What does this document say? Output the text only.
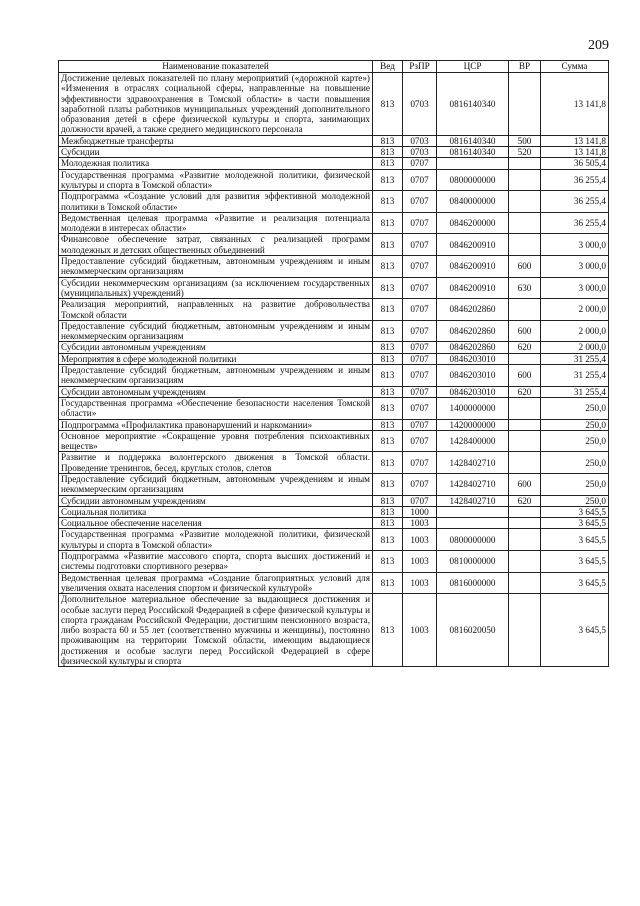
209
Наименование показателей	Вед	РзПР	ЦСР	ВР	Сумма
Достижение целевых показателей по плану мероприятий («дорожной карте») «Изменения в отраслях социальной сферы, направленные на повышение эффективности здравоохранения в Томской области» в части повышения заработной платы работников муниципальных учреждений дополнительного образования детей в сфере физической культуры и спорта, занимающих должности врачей, а также среднего медицинского персонала	813	0703	0816140340		13 141,8
Межбюджетные трансферты	813	0703	0816140340	500	13 141,8
Субсидии	813	0703	0816140340	520	13 141,8
Молодежная политика	813	0707			36 505,4
Государственная программа «Развитие молодежной политики, физической культуры и спорта в Томской области»	813	0707	0800000000		36 255,4
Подпрограмма «Создание условий для развития эффективной молодежной политики в Томской области»	813	0707	0840000000		36 255,4
Ведомственная целевая программа «Развитие и реализация потенциала молодежи в интересах области»	813	0707	0846200000		36 255,4
Финансовое обеспечение затрат, связанных с реализацией программ молодежных и детских общественных объединений	813	0707	0846200910		3 000,0
Предоставление субсидий бюджетным, автономным учреждениям и иным некоммерческим организациям	813	0707	0846200910	600	3 000,0
Субсидии некоммерческим организациям (за исключением государственных (муниципальных) учреждений)	813	0707	0846200910	630	3 000,0
Реализация мероприятий, направленных на развитие добровольчества Томской области	813	0707	0846202860		2 000,0
Предоставление субсидий бюджетным, автономным учреждениям и иным некоммерческим организациям	813	0707	0846202860	600	2 000,0
Субсидии автономным учреждениям	813	0707	0846202860	620	2 000,0
Мероприятия в сфере молодежной политики	813	0707	0846203010		31 255,4
Предоставление субсидий бюджетным, автономным учреждениям и иным некоммерческим организациям	813	0707	0846203010	600	31 255,4
Субсидии автономным учреждениям	813	0707	0846203010	620	31 255,4
Государственная программа «Обеспечение безопасности населения Томской области»	813	0707	1400000000		250,0
Подпрограмма «Профилактика правонарушений и наркомании»	813	0707	1420000000		250,0
Основное мероприятие «Сокращение уровня потребления психоактивных веществ»	813	0707	1428400000		250,0
Развитие и поддержка волонтерского движения в Томской области. Проведение тренингов, бесед, круглых столов, слетов	813	0707	1428402710		250,0
Предоставление субсидий бюджетным, автономным учреждениям и иным некоммерческим организациям	813	0707	1428402710	600	250,0
Субсидии автономным учреждениям	813	0707	1428402710	620	250,0
Социальная политика	813	1000			3 645,5
Социальное обеспечение населения	813	1003			3 645,5
Государственная программа «Развитие молодежной политики, физической культуры и спорта в Томской области»	813	1003	0800000000		3 645,5
Подпрограмма «Развитие массового спорта, спорта высших достижений и системы подготовки спортивного резерва»	813	1003	0810000000		3 645,5
Ведомственная целевая программа «Создание благоприятных условий для увеличения охвата населения спортом и физической культурой»	813	1003	0816000000		3 645,5
Дополнительное материальное обеспечение за выдающиеся достижения и особые заслуги перед Российской Федерацией в сфере физической культуры и спорта гражданам Российской Федерации, достигшим пенсионного возраста, либо возраста 60 и 55 лет (соответственно мужчины и женщины), постоянно проживающим на территории Томской области, имеющим выдающиеся достижения и особые заслуги перед Российской Федерацией в сфере физической культуры и спорта	813	1003	0816020050		3 645,5
